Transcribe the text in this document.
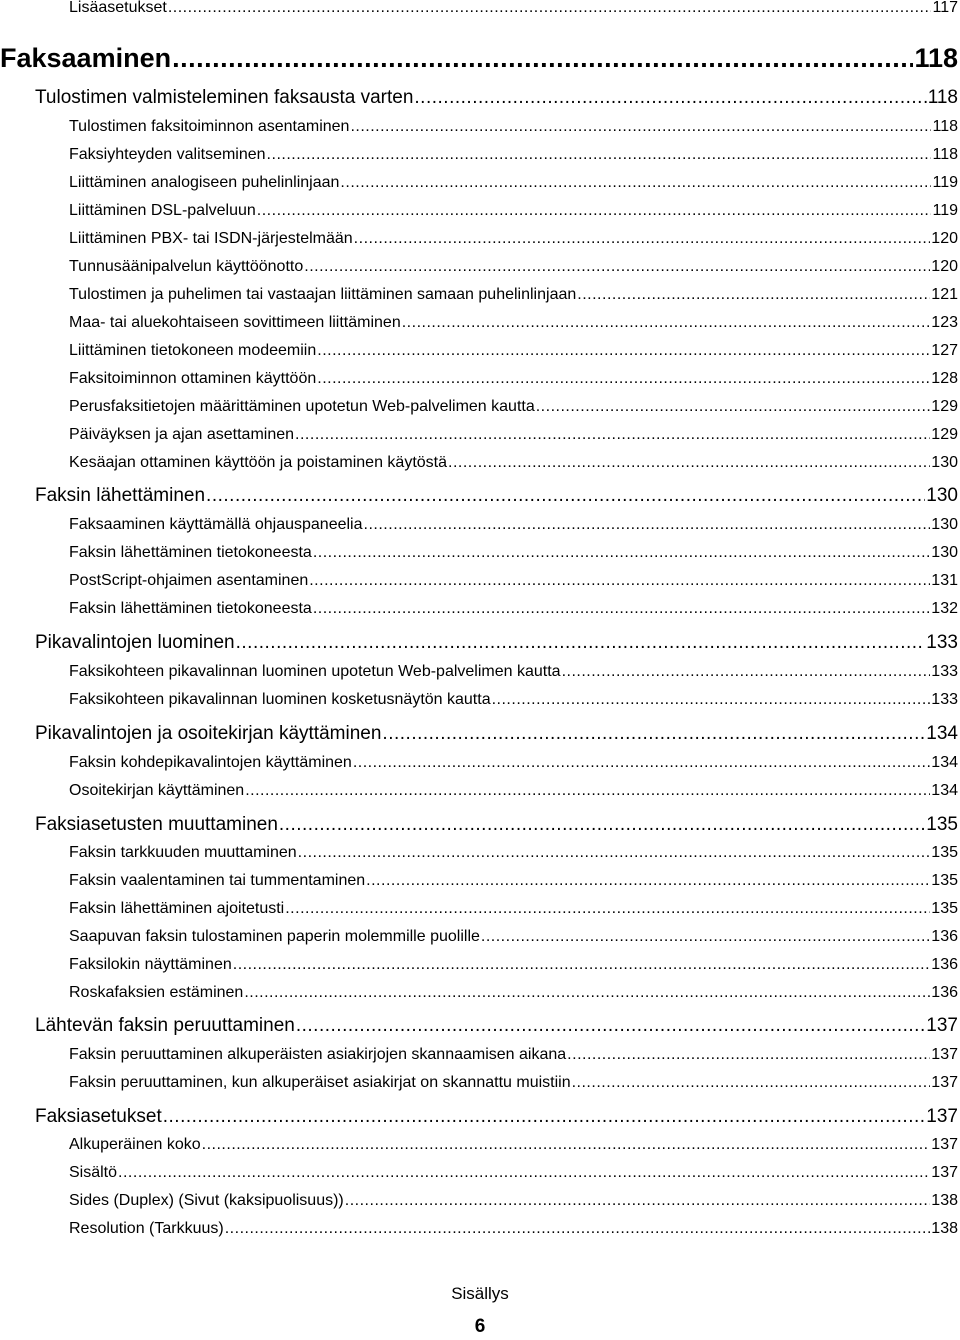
Lisäasetukset .....	117
Faksaaminen .....	118
Tulostimen valmisteleminen faksausta varten .....	118
Tulostimen faksitoiminnon asentaminen .....	118
Faksiyhteyden valitseminen .....	118
Liittäminen analogiseen puhelinlinjaan .....	119
Liittäminen DSL-palveluun .....	119
Liittäminen PBX- tai ISDN-järjestelmään .....	120
Tunnusäänipalvelun käyttöönotto .....	120
Tulostimen ja puhelimen tai vastaajan liittäminen samaan puhelinlinjaan .....	121
Maa- tai aluekohtaiseen sovittimeen liittäminen .....	123
Liittäminen tietokoneen modeemiin .....	127
Faksitoiminnon ottaminen käyttöön .....	128
Perusfaksitietojen määrittäminen upotetun Web-palvelimen kautta .....	129
Päiväyksen ja ajan asettaminen .....	129
Kesäajan ottaminen käyttöön ja poistaminen käytöstä .....	130
Faksin lähettäminen .....	130
Faksaaminen käyttämällä ohjauspaneelia .....	130
Faksin lähettäminen tietokoneesta .....	130
PostScript-ohjaimen asentaminen .....	131
Faksin lähettäminen tietokoneesta .....	132
Pikavalintojen luominen .....	133
Faksikohteen pikavalinnan luominen upotetun Web-palvelimen kautta .....	133
Faksikohteen pikavalinnan luominen kosketusnäytön kautta .....	133
Pikavalintojen ja osoitekirjan käyttäminen .....	134
Faksin kohdepikavalintojen käyttäminen .....	134
Osoitekirjan käyttäminen .....	134
Faksiasetusten muuttaminen .....	135
Faksin tarkkuuden muuttaminen .....	135
Faksin vaalentaminen tai tummentaminen .....	135
Faksin lähettäminen ajoitetusti .....	135
Saapuvan faksin tulostaminen paperin molemmille puolille .....	136
Faksilokin näyttäminen .....	136
Roskafaksien estäminen .....	136
Lähtevän faksin peruuttaminen .....	137
Faksin peruuttaminen alkuperäisten asiakirjojen skannaamisen aikana .....	137
Faksin peruuttaminen, kun alkuperäiset asiakirjat on skannattu muistiin .....	137
Faksiasetukset .....	137
Alkuperäinen koko .....	137
Sisältö .....	137
Sides (Duplex) (Sivut (kaksipuolisuus)) .....	138
Resolution (Tarkkuus) .....	138
Sisällys
6
